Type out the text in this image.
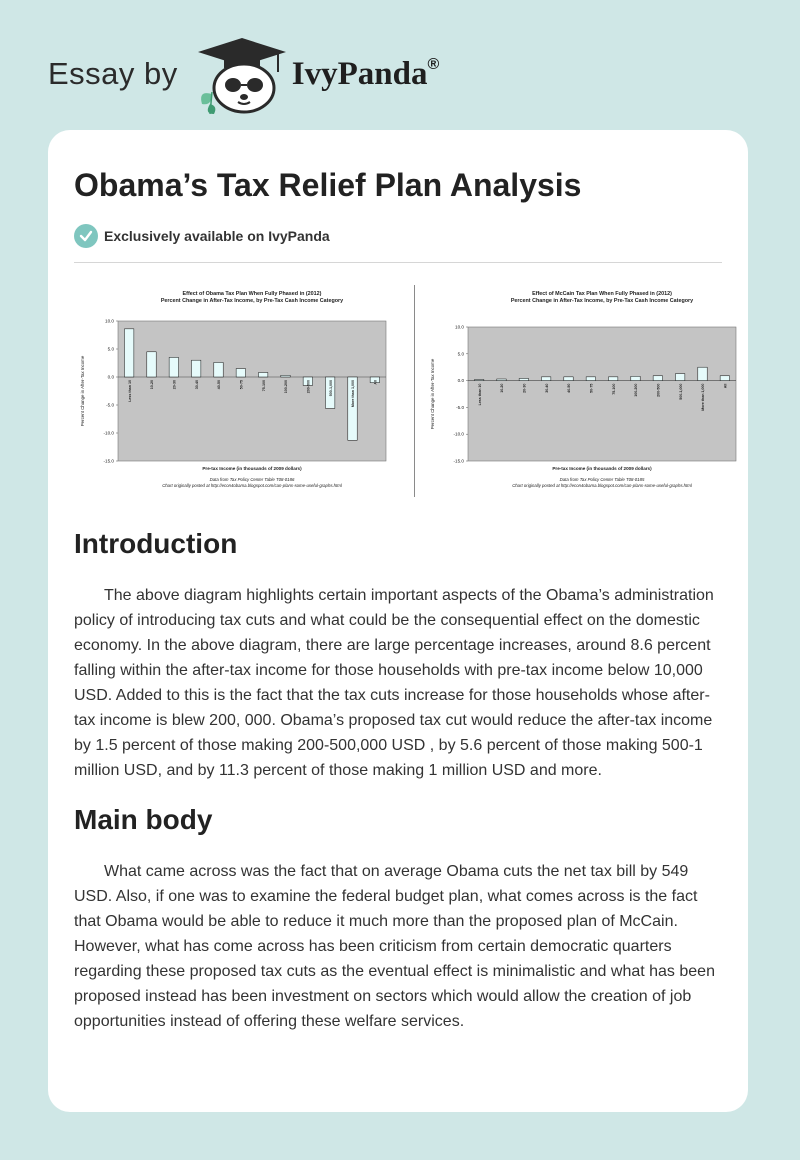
Essay by	IvyPanda®
Obama’s Tax Relief Plan Analysis
Exclusively available on IvyPanda
Effect of Obama Tax Plan When Fully Phased in (2012)
Percent Change in After-Tax Income, by Pre-Tax Cash Income Category
10.0
5.0
0.0
-5.0
-10.0
-15.0
Less than 10	10-20	20-30	30-40	40-50	50-75	75-100	100-200	200-500	500-1,000	More than 1,000	All
Percent Change in After-Tax Income
Pre-tax Income (in thousands of 2009 dollars)
Data from Tax Policy Center Table T08-0186
Chart originally posted at http://econ4obama.blogspot.com/can-plans-some-useful-graphs.html
Effect of McCain Tax Plan When Fully Phased in (2012)
Percent Change in After-Tax Income, by Pre-Tax Cash Income Category
10.0
5.0
0.0
-5.0
-10.0
-15.0
Less than 10	10-20	20-30	30-40	40-50	50-75	75-100	100-200	200-500	500-1,000	More than 1,000	All
Percent Change in After-Tax Income
Pre-tax Income (in thousands of 2009 dollars)
Data from Tax Policy Center Table T08-0185
Chart originally posted at http://econ4obama.blogspot.com/can-plans-some-useful-graphs.html
Introduction

The above diagram highlights certain important aspects of the Obama’s administration policy of introducing tax cuts and what could be the consequential effect on the domestic economy. In the above diagram, there are large percentage increases, around 8.6 percent falling within the after-tax income for those households with pre-tax income below 10,000 USD. Added to this is the fact that the tax cuts increase for those households whose after-tax income is blew 200, 000. Obama’s proposed tax cut would reduce the after-tax income by 1.5 percent of those making 200-500,000 USD , by 5.6 percent of those making 500-1 million USD, and by 11.3 percent of those making 1 million USD and more.

Main body

What came across was the fact that on average Obama cuts the net tax bill by 549 USD. Also, if one was to examine the federal budget plan, what comes across is the fact that Obama would be able to reduce it much more than the proposed plan of McCain. However, what has come across has been criticism from certain democratic quarters regarding these proposed tax cuts as the eventual effect is minimalistic and what has been proposed instead has been investment on sectors which would allow the creation of job opportunities instead of offering these welfare services.
